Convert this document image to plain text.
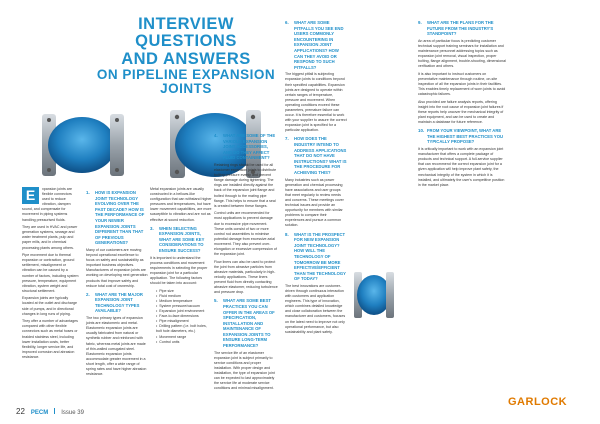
INTERVIEW QUESTIONS
AND ANSWERS
ON PIPELINE EXPANSION
JOINTS

E	xpansion joints are flexible connectors used to reduce vibration, dampen sound, and compensate for movement in piping systems handling pressurised fluids.

They are used in HVAC and power generation systems, sewage and water treatment plants, pulp and paper mills, and in chemical processing plants among others.

Pipe movement due to thermal expansion or contraction, ground settlement, misalignment or vibration can be caused by a number of factors, including system pressure, temperature, equipment vibration, system weight and structural settlement.

Expansion joints are typically located at the outlet and discharge side of pumps, and in directional changes in long runs of piping.

They offer a number of advantages compared with other flexible connectors such as metal hoses or braided stainless steel, including lower installation costs, better flexibility, longer service life, and improved corrosion and abrasion resistance.

1.	HOW IS EXPANSION JOINT TECHNOLOGY EVOLVING OVER THE PAST DECADE? HOW IS THE PERFORMANCE OF YOUR NEWER EXPANSION JOINTS DIFFERENT THAN THAT OF PREVIOUS GENERATIONS?

Many of our customers are moving beyond operational excellence to focus on safety and sustainability as important business objectives. Manufacturers of expansion joints are working on developing next generation products that improve safety and reduce total cost of ownership.

2.	WHAT ARE THE MAJOR EXPANSION JOINT TECHNOLOGY TYPES AVAILABLE?

The two primary types of expansion joints are elastomeric and metal. Elastomeric expansion joints are usually fabricated from natural or synthetic rubber and reinforced with fabric, whereas metal joints are made of thin-walled corrugated steel. Elastomeric expansion joints accommodate greater movement in a short length, offer a wide range of spring rates and have higher abrasion resistance.

Metal expansion joints are usually constructed in a bellows-like configuration that can withstand higher pressures and temperatures, but have lower movement capabilities, are more susceptible to vibration and are not as effective at sound reduction.

3.	WHEN SELECTING EXPANSION JOINTS, WHAT ARE SOME KEY CONSIDERATIONS TO ENSURE SUCCESS?

It is important to understand the process conditions and movement requirements in selecting the proper expansion joint for a particular application. The following factors should be taken into account:

• Pipe size
• Fluid medium
• Medium temperature
• System pressure/vacuum
• Expansion joint environment
• Face-to-face dimensions
• Pipe misalignment
• Drilling pattern (i.e. bolt holes, bolt hole diameters, etc.)
• Movement range
• Control units
4.	WHAT ARE SOME OF THE VARIOUS EXPANSION JOINT ACCESSORIES, AND DO THEY AFFECT FLUID CONTAINMENT?

Retaining rings should be used for all elastomer expansion joints to distribute bolting pressure evenly and prevent flange damage during tightening. The rings are installed directly against the back of the expansion joint flange and bolted through to the mating pipe flange. This helps to ensure that a seal is created between these flanges.

Control units are recommended for most applications to prevent damage due to excessive pipe movement. These units consist of two or more control rod assemblies to minimise potential damage from excessive axial movement. They also prevent over-elongation or excessive compression of the expansion joint.

Flow liners can also be used to protect the joint from abrasive particles from abrasive materials, particularly in high-velocity applications. These liners prevent fluid from directly contacting abrasive elastomer, reducing turbulence and pressure drop.

5.	WHAT ARE SOME BEST PRACTICES YOU CAN OFFER IN THE AREAS OF SPECIFICATION, INSTALLATION AND MAINTENANCE OF EXPANSION JOINTS TO ENSURE LONG-TERM PERFORMANCE?

The service life of an elastomer expansion joint is subject primarily to service conditions and proper installation. With proper design and installation, the type of expansion joint can be expected to last approximately the service life at moderate service conditions and minimal misalignment.

6.	WHAT ARE SOME PITFALLS YOU SEE END USERS COMMONLY ENCOUNTERING IN EXPANSION JOINT APPLICATIONS? HOW CAN THEY AVOID OR RESPOND TO SUCH PITFALLS?

The biggest pitfall is subjecting expansion joints to conditions beyond their specified capabilities. Expansion joints are designed to operate within certain ranges of temperature, pressure and movement. When operating conditions exceed these parameters, premature failure can occur. It is therefore essential to work with your supplier to assure the correct expansion joint is specified for a particular application.

7.	HOW DOES THE INDUSTRY INTEND TO ADDRESS APPLICATIONS THAT DO NOT HAVE INSTRUCTIONS? WHAT IS THE PROCEDURE FOR ACHIEVING THIS?

Many industries such as power generation and chemical processing have associations and user groups that meet regularly to review needs and concerns. These meetings cover technical issues and provide an opportunity for members with similar problems to compare their experiences and pursue a common solution.

8.	WHAT IS THE PROSPECT FOR NEW EXPANSION JOINT TECHNOLOGY? HOW WILL THE TECHNOLOGY OF TOMORROW BE MORE EFFECTIVE/EFFICIENT THAN THE TECHNOLOGY OF TODAY?

The best innovations are customer-driven through continuous interaction with customers and application engineers. This type of innovation, which combines detailed knowledge and close collaboration between the manufacturer and customers, focuses on the latest need to improve not only operational performance, but also sustainability and plant safety.

9.	WHAT ARE THE PLANS FOR THE FUTURE FROM THE INDUSTRY'S STANDPOINT?

An area of particular focus is predicting customer technical support training seminars for installation and maintenance personnel addressing topics such as expansion joint removal, visual inspection, proper bolting, flange alignment, trouble-shooting, dimensional verification and others.

It is also important to instruct customers on preventative maintenance through routine, on-site inspection of all the expansion joints in their facilities. This enables timely replacement of worn joints to avoid catastrophic failures.

Also provided are failure analysis reports, offering insight into the root cause of expansion joint failures if these reports help uncover the mechanical integrity of plant equipment, and can be used to create and maintain a database for future reference.

10. FROM YOUR VIEWPOINT, WHAT ARE THE HIGHEST BEST PRACTICES YOU TYPICALLY PROPOSE?

It is critically important to work with an expansion joint manufacturer that offers a complete package of products and technical support. A full-service supplier that can recommend the correct expansion joint for a given application will help improve plant safety, the mechanical integrity of the system in which it is installed, and ultimately the user's competitive position in the market place.

22 PECM Issue 39
GARLOCK
